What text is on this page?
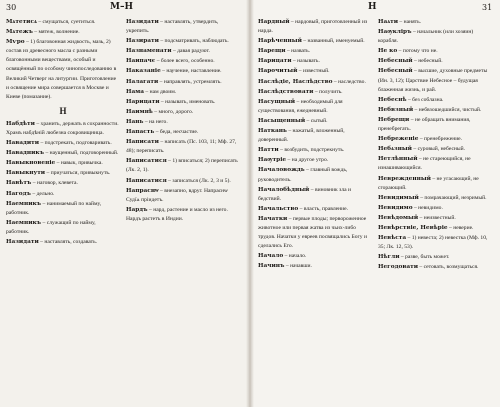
30	М–Н
Мѧтетисѧ – смущаться, суетиться.
Мѧтежъ – мятеж, волнение.
Мѵро – 1) благовонная жидкость, мазь, 2) состав из древесного масла с разными благовонными веществами, особый и освящённый по особому чинопоследованию в Великий Четверг на литургии. Приготовление и освящение мира совершается в Москве и Киеве (помазание).
Н
Набдѣти – хранить, держать в сохранности. Храмъ набдѣній любезна сокровищница.
Навадити – подстрекать, подговаривать.
Навадникъ – наущенный, подговоренный.
Навыкновеніе – навык, привычка.
Навыкнути – приучаться, привыкнуть.
Навѣтъ – наговор, клевета.
Нагодъ – дельно.
Наемникъ – нанимаемый по найму, работник.
Наемникъ – служащий по найму, работник.
Назидати – наставлять, создавать.
Назидати – наставлять, утвердить, укрепить.
Назирати – подсматривать, наблюдать.
Назнаменати – давая радуют.
Наипачє – более всего, особенно.
Наказаніе – научение, наставление.
Налагати – направлять, устремлять.
Нама – нам двоим.
Нарицати – называть, именовать.
Наимнѣ – много, дорого.
Нань – на него.
Напасть – беда, несчастие.
Написати – написать (Пс. 103, 11; Мф. 27, 48); переписать.
Написатися – 1) вписаться; 2) переписать (Лк. 2, 1).
Написатися – записаться (Лк. 2, 3 и 5).
Напраснѡ – внезапно, вдруг. Напраснѡ Судїѧ пріидетъ.
Нардъ – нард, растение и масло из него. Нардъ растетъ в Индии.
Н	31
Нардный – нардовый, приготовленный из нарда.
Нарѣченный – названный, именуемый.
Нарещи – назвать.
Нарицати – называть.
Нарочитый – известный.
Наслѣдіе, Наслѣдство – наследство.
Наслѣдствовати – получить.
Насущный – необходимый для существования, ежедневный.
Насыщенный – сытый.
Наткань – нажатый, вложенный, доверенный.
Натти – возбудить, подстрекнуть.
Наѹтріе – на другое утро.
Началовождь – главный вождь, руководитель.
Началобѣдный – виновник зла и бедствий.
Начальство – власть, правление.
Начатки – первые плоды; первороженное животное или первая жатва из чьих-либо трудов. Начатки у евреев посвящались Богу и сделались Его.
Начало – начало.
Начинъ – начавши.
Наѧти – нанять.
Наѹкліръ – начальник (или хозяин) корабля.
Не ко – потому что не.
Небесный – небесный.
Небесный – высшие, духовные предметы (Ин. 3, 12); Царствие Небесное – будущая блаженная жизнь, и рай.
Небеснѣ – без соблазна.
Небвзный – небвзошедшийся, чистый.
Небрещи – не обращать внимания, пренебрегать.
Небреженіе – пренебрежение.
Небѧзный – суровый, небесный.
Нетлѣнный – не стареющийся, не изнашивающийся.
Неврежденный – не угасающий, не сгорающий.
Невидимый – помрачающий, незримый.
Невидимо – невидимо.
Невѣдомый – неизвестный.
Невѣрствіе, Невѣріе – неверие.
Невѣста – 1) невеста; 2) невестка (Мф. 10, 35; Лк. 12, 53).
Нѣгли – разве, быть может.
Негодовати – сетовать, возмущаться.
